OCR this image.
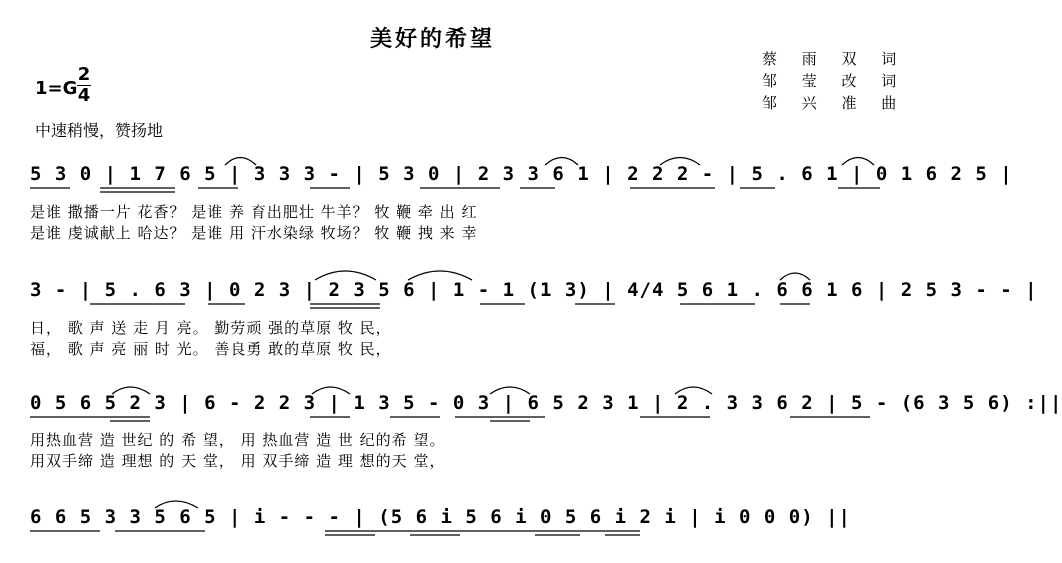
美好的希望
蔡 雨 双 词
邹 莹 改 词
邹 兴 准 曲
1=G
2
4
中速稍慢，赞扬地
5 3 0 | 1 7 6 5 | 3 3 3 - | 5 3 0 | 2 3 3 6 1 | 2 2 2 - | 5 . 6 1 | 0 1 6 2 5 |
是谁 撒播一片 花香？ 是谁 养 育出肥壮 牛羊？ 牧 鞭 牵 出 红
是谁 虔诚献上 哈达？ 是谁 用 汗水染绿 牧场？ 牧 鞭 拽 来 幸
3 - | 5 . 6 3 | 0 2 3 | 2 3 5 6 | 1 - 1 (1 3) | 4/4 5 6 1 . 6 6 1 6 | 2 5 3 - - |
日， 歌 声 送 走 月 亮。 勤劳顽 强的草原 牧 民，
福， 歌 声 亮 丽 时 光。 善良勇 敢的草原 牧 民，
0 5 6 5 2 3 | 6 - 2 2 3 | 1 3 5 - 0 3 | 6 5 2 3 1 | 2 . 3 3 6 2 | 5 - (6 3 5 6) :||
用热血营 造 世纪 的 希 望， 用 热血营 造 世 纪的希 望。
用双手缔 造 理想 的 天 堂， 用 双手缔 造 理 想的天 堂，
6 6 5 3 3 5 6 5 | i - - - | (5 6 i 5 6 i 0 5 6 i 2 i | i 0 0 0) ||
